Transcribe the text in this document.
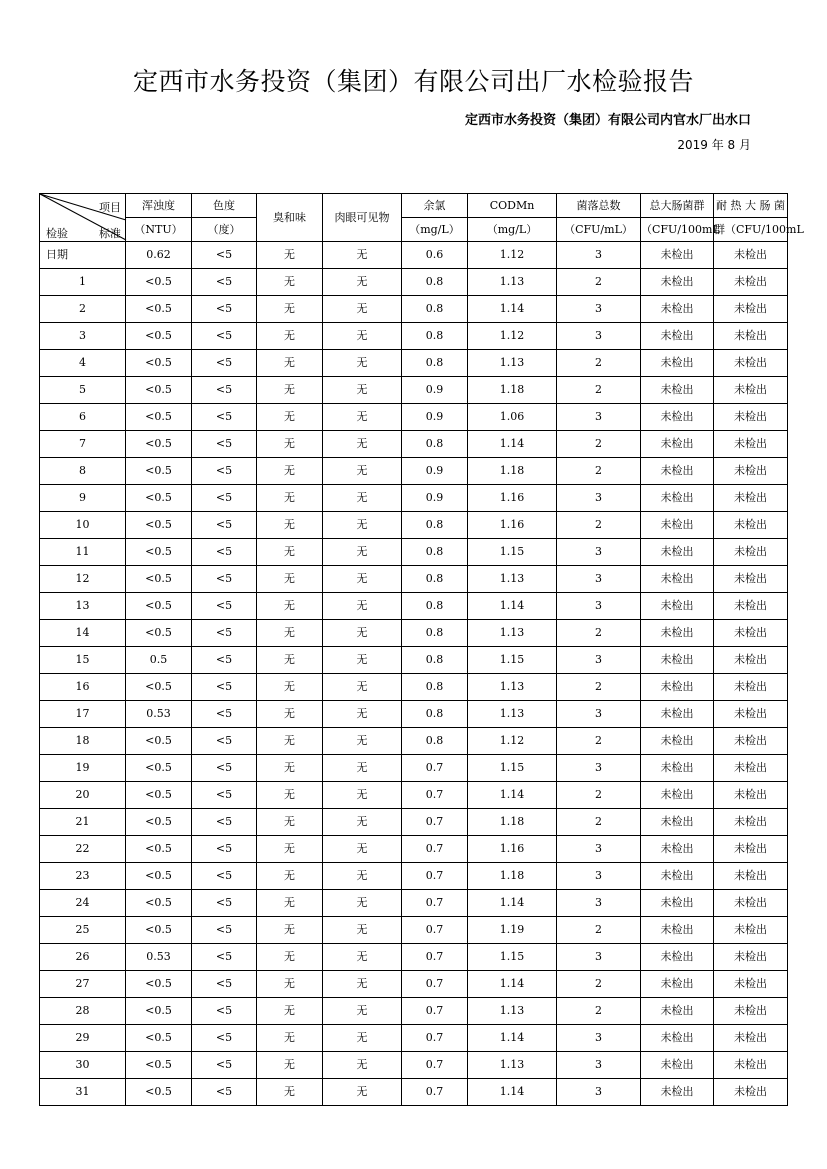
定西市水务投资（集团）有限公司出厂水检验报告
定西市水务投资（集团）有限公司内官水厂出水口
2019 年 8 月
项目
检验 标准	浑浊度	色度	臭和味	肉眼可见物	余氯	CODMn	菌落总数	总大肠菌群	耐 热 大 肠 菌
	（NTU）	（度）			（mg/L）	（mg/L）	（CFU/mL）	（CFU/100mL	群（CFU/100mL
日期	0.62	<5	无	无	0.6	1.12	3	未检出	未检出
1	<0.5	<5	无	无	0.8	1.13	2	未检出	未检出
2	<0.5	<5	无	无	0.8	1.14	3	未检出	未检出
3	<0.5	<5	无	无	0.8	1.12	3	未检出	未检出
4	<0.5	<5	无	无	0.8	1.13	2	未检出	未检出
5	<0.5	<5	无	无	0.9	1.18	2	未检出	未检出
6	<0.5	<5	无	无	0.9	1.06	3	未检出	未检出
7	<0.5	<5	无	无	0.8	1.14	2	未检出	未检出
8	<0.5	<5	无	无	0.9	1.18	2	未检出	未检出
9	<0.5	<5	无	无	0.9	1.16	3	未检出	未检出
10	<0.5	<5	无	无	0.8	1.16	2	未检出	未检出
11	<0.5	<5	无	无	0.8	1.15	3	未检出	未检出
12	<0.5	<5	无	无	0.8	1.13	3	未检出	未检出
13	<0.5	<5	无	无	0.8	1.14	3	未检出	未检出
14	<0.5	<5	无	无	0.8	1.13	2	未检出	未检出
15	0.5	<5	无	无	0.8	1.15	3	未检出	未检出
16	<0.5	<5	无	无	0.8	1.13	2	未检出	未检出
17	0.53	<5	无	无	0.8	1.13	3	未检出	未检出
18	<0.5	<5	无	无	0.8	1.12	2	未检出	未检出
19	<0.5	<5	无	无	0.7	1.15	3	未检出	未检出
20	<0.5	<5	无	无	0.7	1.14	2	未检出	未检出
21	<0.5	<5	无	无	0.7	1.18	2	未检出	未检出
22	<0.5	<5	无	无	0.7	1.16	3	未检出	未检出
23	<0.5	<5	无	无	0.7	1.18	3	未检出	未检出
24	<0.5	<5	无	无	0.7	1.14	3	未检出	未检出
25	<0.5	<5	无	无	0.7	1.19	2	未检出	未检出
26	0.53	<5	无	无	0.7	1.15	3	未检出	未检出
27	<0.5	<5	无	无	0.7	1.14	2	未检出	未检出
28	<0.5	<5	无	无	0.7	1.13	2	未检出	未检出
29	<0.5	<5	无	无	0.7	1.14	3	未检出	未检出
30	<0.5	<5	无	无	0.7	1.13	3	未检出	未检出
31	<0.5	<5	无	无	0.7	1.14	3	未检出	未检出
